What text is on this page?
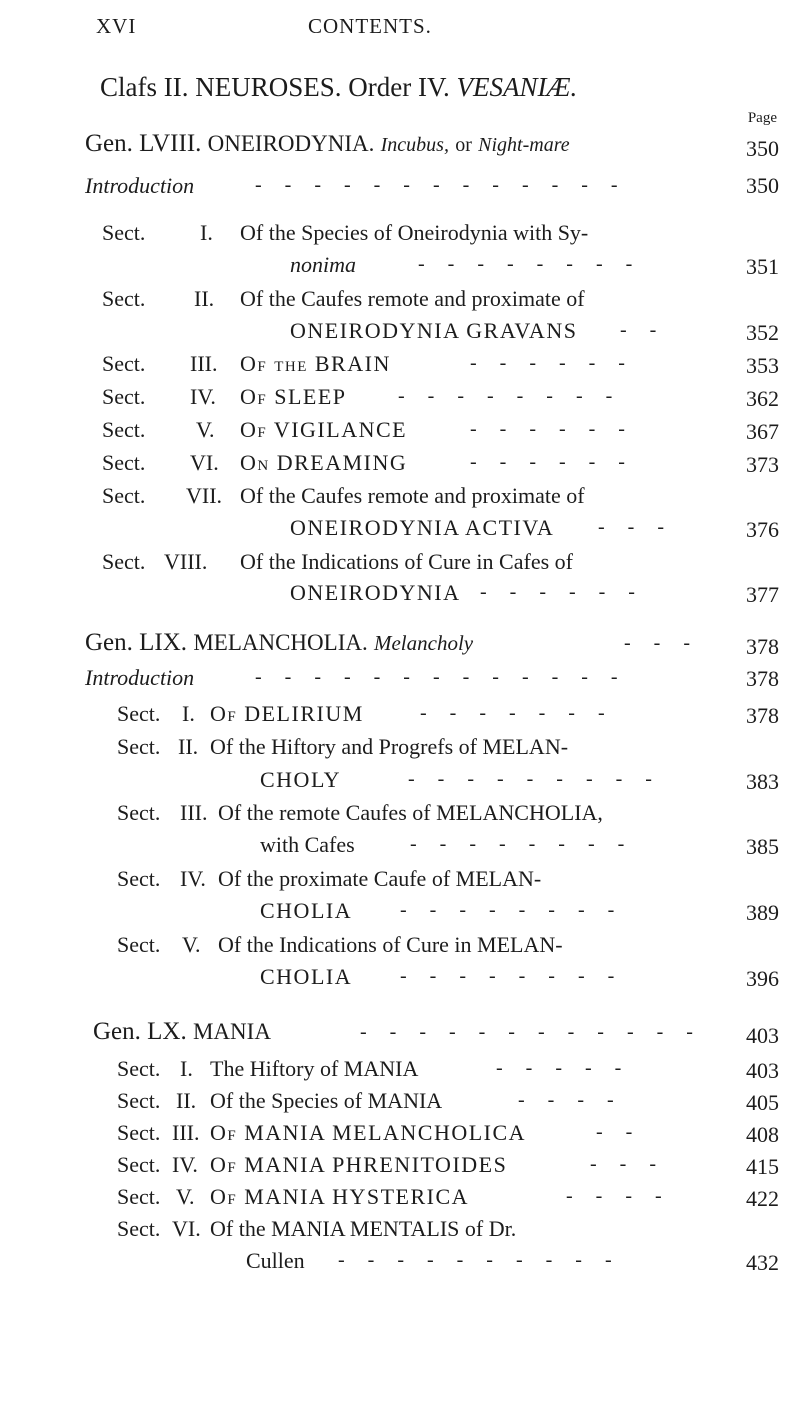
XVI	CONTENTS.
Clafs II. NEUROSES. Order IV. VESANIÆ.
Page
Gen. LVIII. ONEIRODYNIA. Incubus, or Night-mare	350
Introduction	- - - - - - - - - - - - -	350
Sect. I. Of the Species of Oneirodynia with Sy-
nonima	- - - - - - - -	351
Sect. II. Of the Caufes remote and proximate of
ONEIRODYNIA GRAVANS - -	352
Sect. III. Of the BRAIN	- - - - - -	353
Sect. IV. Of SLEEP	- - - - - - - -	362
Sect. V. Of VIGILANCE	- - - - - -	367
Sect. VI. On DREAMING	- - - - - -	373
Sect. VII. Of the Caufes remote and proximate of
ONEIRODYNIA ACTIVA - - -	376
Sect. VIII. Of the Indications of Cure in Cafes of
ONEIRODYNIA - - - - - -	377
Gen. LIX. MELANCHOLIA. Melancholy	- - - 378
Introduction	- - - - - - - - - - - - -	378
Sect. I. Of DELIRIUM	- - - - - - -	378
Sect. II. Of the Hiftory and Progrefs of MELAN-
CHOLY	- - - - - - - - -	383
Sect. III. Of the remote Caufes of MELANCHOLIA,
with Cafes	- - - - - - - -	385
Sect. IV. Of the proximate Caufe of MELAN-
CHOLIA - - - - - - - -	389
Sect. V. Of the Indications of Cure in MELAN-
CHOLIA - - - - - - - -	396
Gen. LX. MANIA	- - - - - - - - - - - - 403
Sect. I. The Hiftory of MANIA	- - - - -	403
Sect. II. Of the Species of MANIA	- - - -	405
Sect. III. Of MANIA MELANCHOLICA	- -	408
Sect. IV. Of MANIA PHRENITOIDES	- - -	415
Sect. V. Of MANIA HYSTERICA	- - - -	422
Sect. VI. Of the MANIA MENTALIS of Dr.
Cullen - - - - - - - - - -	432
